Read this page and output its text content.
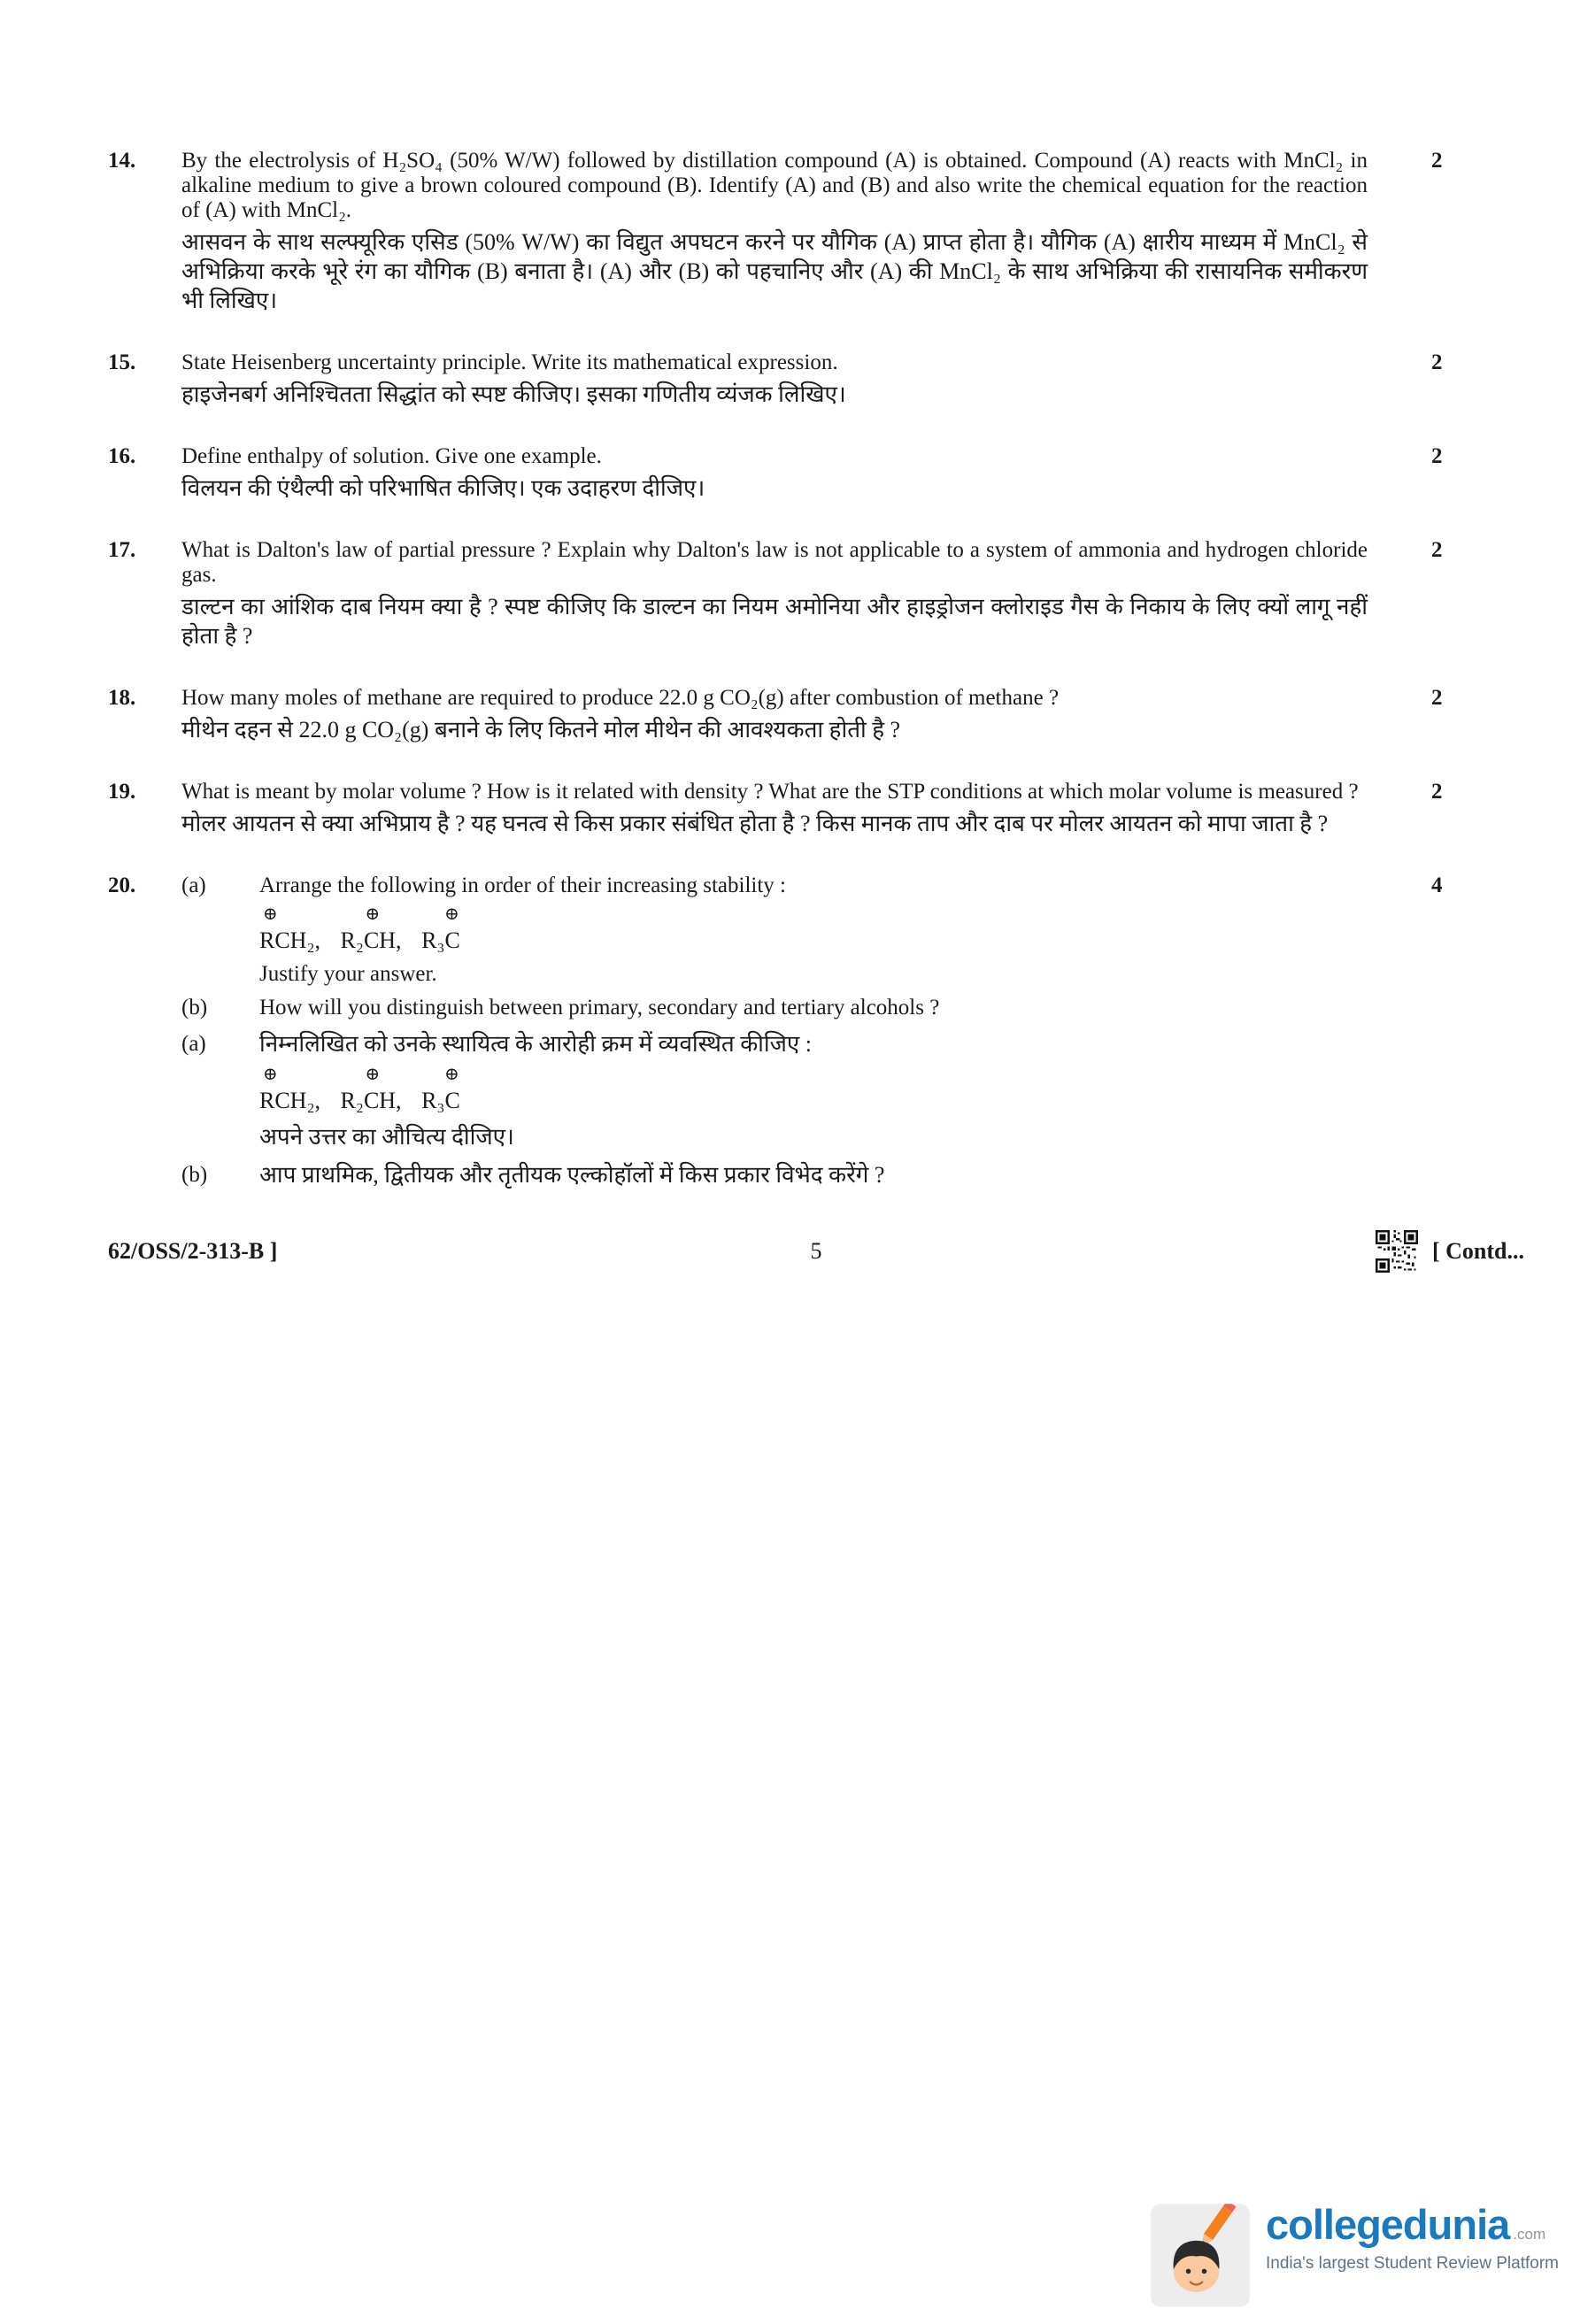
14.	By the electrolysis of H₂SO₄ (50% W/W) followed by distillation compound (A) is obtained. Compound (A) reacts with MnCl₂ in alkaline medium to give a brown coloured compound (B). Identify (A) and (B) and also write the chemical equation for the reaction of (A) with MnCl₂.

आसवन के साथ सल्फ्यूरिक एसिड (50% W/W) का विद्युत अपघटन करने पर यौगिक (A) प्राप्त होता है। यौगिक (A) क्षारीय माध्यम में MnCl₂ से अभिक्रिया करके भूरे रंग का यौगिक (B) बनाता है। (A) और (B) को पहचानिए और (A) की MnCl₂ के साथ अभिक्रिया की रासायनिक समीकरण भी लिखिए।

2
15.	State Heisenberg uncertainty principle. Write its mathematical expression.

हाइजेनबर्ग अनिश्चितता सिद्धांत को स्पष्ट कीजिए। इसका गणितीय व्यंजक लिखिए।

2
16.	Define enthalpy of solution. Give one example.

विलयन की एंथैल्पी को परिभाषित कीजिए। एक उदाहरण दीजिए।

2
17.	What is Dalton's law of partial pressure ? Explain why Dalton's law is not applicable to a system of ammonia and hydrogen chloride gas.

डाल्टन का आंशिक दाब नियम क्या है ? स्पष्ट कीजिए कि डाल्टन का नियम अमोनिया और हाइड्रोजन क्लोराइड गैस के निकाय के लिए क्यों लागू नहीं होता है ?

2
18.	How many moles of methane are required to produce 22.0 g CO₂(g) after combustion of methane ?

मीथेन दहन से 22.0 g CO₂(g) बनाने के लिए कितने मोल मीथेन की आवश्यकता होती है ?

2
19.	What is meant by molar volume ? How is it related with density ? What are the STP conditions at which molar volume is measured ?

मोलर आयतन से क्या अभिप्राय है ? यह घनत्व से किस प्रकार संबंधित होता है ? किस मानक ताप और दाब पर मोलर आयतन को मापा जाता है ?

2
20.	(a)	Arrange the following in order of their increasing stability :

⊕
RCH₂,
⊕
R₂CH,
⊕
R₃C

Justify your answer.

(b)	How will you distinguish between primary, secondary and tertiary alcohols ?

(a)	निम्नलिखित को उनके स्थायित्व के आरोही क्रम में व्यवस्थित कीजिए :

⊕
RCH₂,
⊕
R₂CH,
⊕
R₃C

अपने उत्तर का औचित्य दीजिए।

(b)	आप प्राथमिक, द्वितीयक और तृतीयक एल्कोहॉलों में किस प्रकार विभेद करेंगे ?

4
62/OSS/2-313-B ]	5	[ Contd...
collegedunia .com
India's largest Student Review Platform
